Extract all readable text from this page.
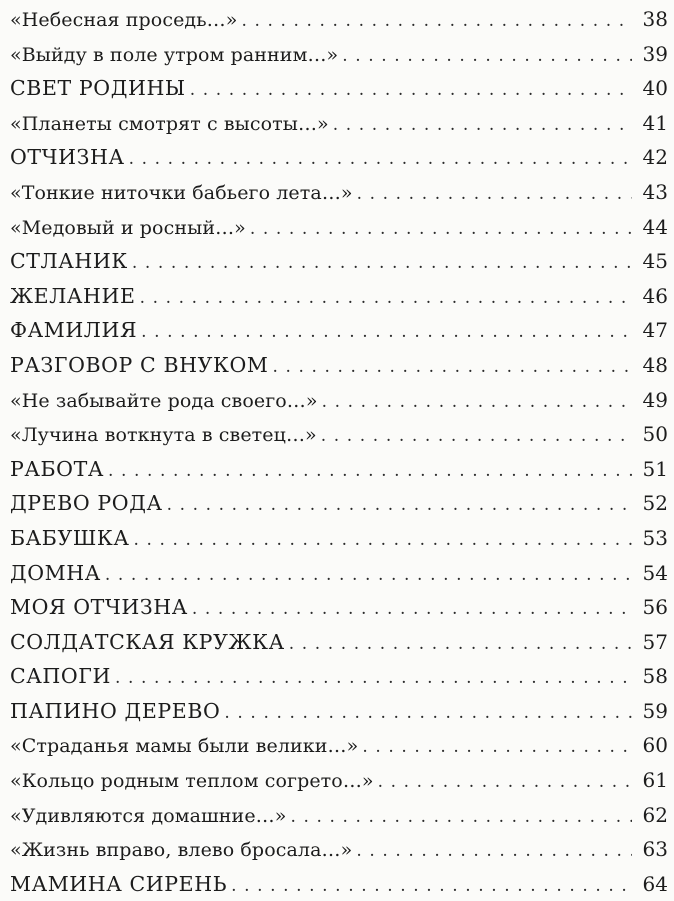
«Небесная проседь…» . . .	38
«Выйду в поле утром ранним…» . . .	39
СВЕТ РОДИНЫ . . .	40
«Планеты смотрят с высоты…» . . .	41
ОТЧИЗНА . . .	42
«Тонкие ниточки бабьего лета…» . . .	43
«Медовый и росный…» . . .	44
СТЛАНИК . . .	45
ЖЕЛАНИЕ . . .	46
ФАМИЛИЯ . . .	47
РАЗГОВОР С ВНУКОМ . . .	48
«Не забывайте рода своего…» . . .	49
«Лучина воткнута в светец…» . . .	50
РАБОТА . . .	51
ДРЕВО РОДА . . .	52
БАБУШКА . . .	53
ДОМНА . . .	54
МОЯ ОТЧИЗНА . . .	56
СОЛДАТСКАЯ КРУЖКА . . .	57
САПОГИ . . .	58
ПАПИНО ДЕРЕВО . . .	59
«Страданья мамы были велики…» . . .	60
«Кольцо родным теплом согрето…» . . .	61
«Удивляются домашние…» . . .	62
«Жизнь вправо, влево бросала…» . . .	63
МАМИНА СИРЕНЬ . . .	64
